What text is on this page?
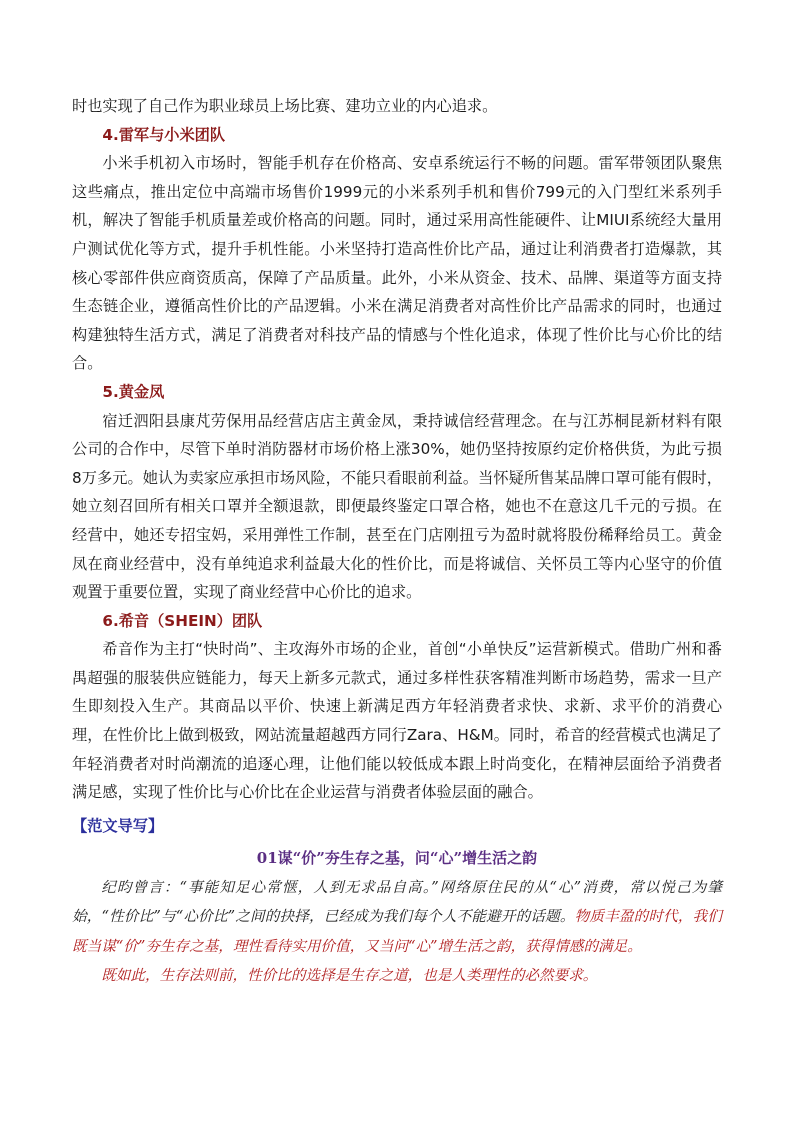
时也实现了自己作为职业球员上场比赛、建功立业的内心追求。

4.雷军与小米团队

小米手机初入市场时，智能手机存在价格高、安卓系统运行不畅的问题。雷军带领团队聚焦这些痛点，推出定位中高端市场售价1999元的小米系列手机和售价799元的入门型红米系列手机，解决了智能手机质量差或价格高的问题。同时，通过采用高性能硬件、让MIUI系统经大量用户测试优化等方式，提升手机性能。小米坚持打造高性价比产品，通过让利消费者打造爆款，其核心零部件供应商资质高，保障了产品质量。此外，小米从资金、技术、品牌、渠道等方面支持生态链企业，遵循高性价比的产品逻辑。小米在满足消费者对高性价比产品需求的同时，也通过构建独特生活方式，满足了消费者对科技产品的情感与个性化追求，体现了性价比与心价比的结合。

5.黄金凤

宿迁泗阳县康芃劳保用品经营店店主黄金凤，秉持诚信经营理念。在与江苏桐昆新材料有限公司的合作中，尽管下单时消防器材市场价格上涨30%，她仍坚持按原约定价格供货，为此亏损8万多元。她认为卖家应承担市场风险，不能只看眼前利益。当怀疑所售某品牌口罩可能有假时，她立刻召回所有相关口罩并全额退款，即便最终鉴定口罩合格，她也不在意这几千元的亏损。在经营中，她还专招宝妈，采用弹性工作制，甚至在门店刚扭亏为盈时就将股份稀释给员工。黄金凤在商业经营中，没有单纯追求利益最大化的性价比，而是将诚信、关怀员工等内心坚守的价值观置于重要位置，实现了商业经营中心价比的追求。

6.希音（SHEIN）团队

希音作为主打“快时尚”、主攻海外市场的企业，首创“小单快反”运营新模式。借助广州和番禺超强的服装供应链能力，每天上新多元款式，通过多样性获客精准判断市场趋势，需求一旦产生即刻投入生产。其商品以平价、快速上新满足西方年轻消费者求快、求新、求平价的消费心理，在性价比上做到极致，网站流量超越西方同行Zara、H&M。同时，希音的经营模式也满足了年轻消费者对时尚潮流的追逐心理，让他们能以较低成本跟上时尚变化，在精神层面给予消费者满足感，实现了性价比与心价比在企业运营与消费者体验层面的融合。

【范文导写】
01谋“价”夯生存之基，问“心”增生活之韵

纪昀曾言：“事能知足心常惬，人到无求品自高。”网络原住民的从“心”消费，常以悦己为肇始，“性价比”与“心价比”之间的抉择，已经成为我们每个人不能避开的话题。物质丰盈的时代，我们既当谋“价”夯生存之基，理性看待实用价值，又当问“心”增生活之韵，获得情感的满足。

既如此，生存法则前，性价比的选择是生存之道，也是人类理性的必然要求。
